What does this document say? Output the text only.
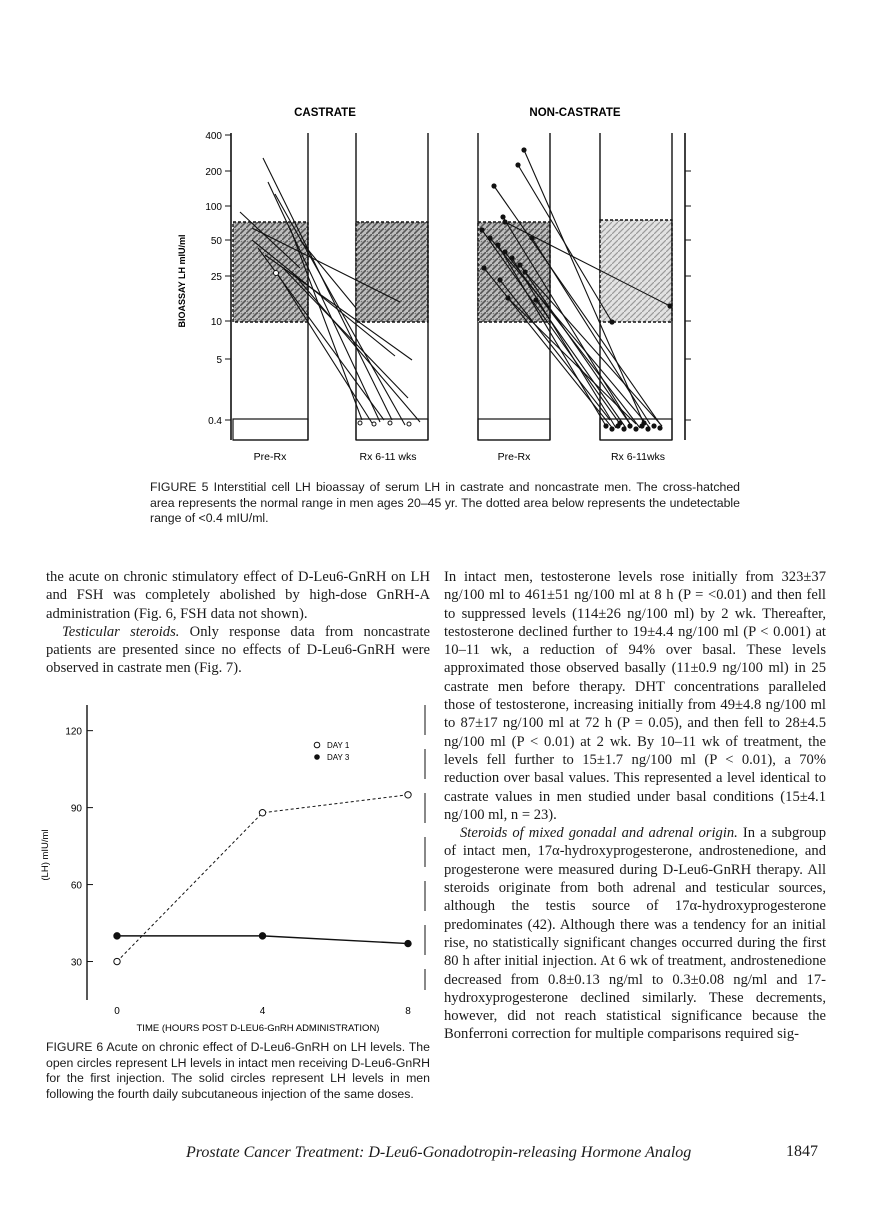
CASTRATE	NON-CASTRATE
BIOASSAY LH mIU/ml
400
200
100
50
25
10
5
0.4
Pre-Rx	Rx 6-11 wks	Pre-Rx	Rx 6-11wks
FIGURE 5 Interstitial cell LH bioassay of serum LH in castrate and noncastrate men. The cross-hatched area represents the normal range in men ages 20–45 yr. The dotted area below represents the undetectable range of <0.4 mIU/ml.

the acute on chronic stimulatory effect of D-Leu6-GnRH on LH and FSH was completely abolished by high-dose GnRH-A administration (Fig. 6, FSH data not shown).

Testicular steroids. Only response data from noncastrate patients are presented since no effects of D-Leu6-GnRH were observed in castrate men (Fig. 7).

30
60
90
120
(LH) mIU/ml
0	4	8
TIME (HOURS POST D-LEU6-GnRH ADMINISTRATION)
DAY 1
DAY 3
FIGURE 6 Acute on chronic effect of D-Leu6-GnRH on LH levels. The open circles represent LH levels in intact men receiving D-Leu6-GnRH for the first injection. The solid circles represent LH levels in men following the fourth daily subcutaneous injection of the same doses.

In intact men, testosterone levels rose initially from 323±37 ng/100 ml to 461±51 ng/100 ml at 8 h (P = <0.01) and then fell to suppressed levels (114±26 ng/100 ml) by 2 wk. Thereafter, testosterone declined further to 19±4.4 ng/100 ml (P < 0.001) at 10–11 wk, a reduction of 94% over basal. These levels approximated those observed basally (11±0.9 ng/100 ml) in 25 castrate men before therapy. DHT concentrations paralleled those of testosterone, increasing initially from 49±4.8 ng/100 ml to 87±17 ng/100 ml at 72 h (P = 0.05), and then fell to 28±4.5 ng/100 ml (P < 0.01) at 2 wk. By 10–11 wk of treatment, the levels fell further to 15±1.7 ng/100 ml (P < 0.01), a 70% reduction over basal values. This represented a level identical to castrate values in men studied under basal conditions (15±4.1 ng/100 ml, n = 23).

Steroids of mixed gonadal and adrenal origin. In a subgroup of intact men, 17α-hydroxyprogesterone, androstenedione, and progesterone were measured during D-Leu6-GnRH therapy. All steroids originate from both adrenal and testicular sources, although the testis source of 17α-hydroxyprogesterone predominates (42). Although there was a tendency for an initial rise, no statistically significant changes occurred during the first 80 h after initial injection. At 6 wk of treatment, androstenedione decreased from 0.8±0.13 ng/ml to 0.3±0.08 ng/ml and 17-hydroxyprogesterone declined similarly. These decrements, however, did not reach statistical significance because the Bonferroni correction for multiple comparisons required sig-

Prostate Cancer Treatment: D-Leu6-Gonadotropin-releasing Hormone Analog	1847
